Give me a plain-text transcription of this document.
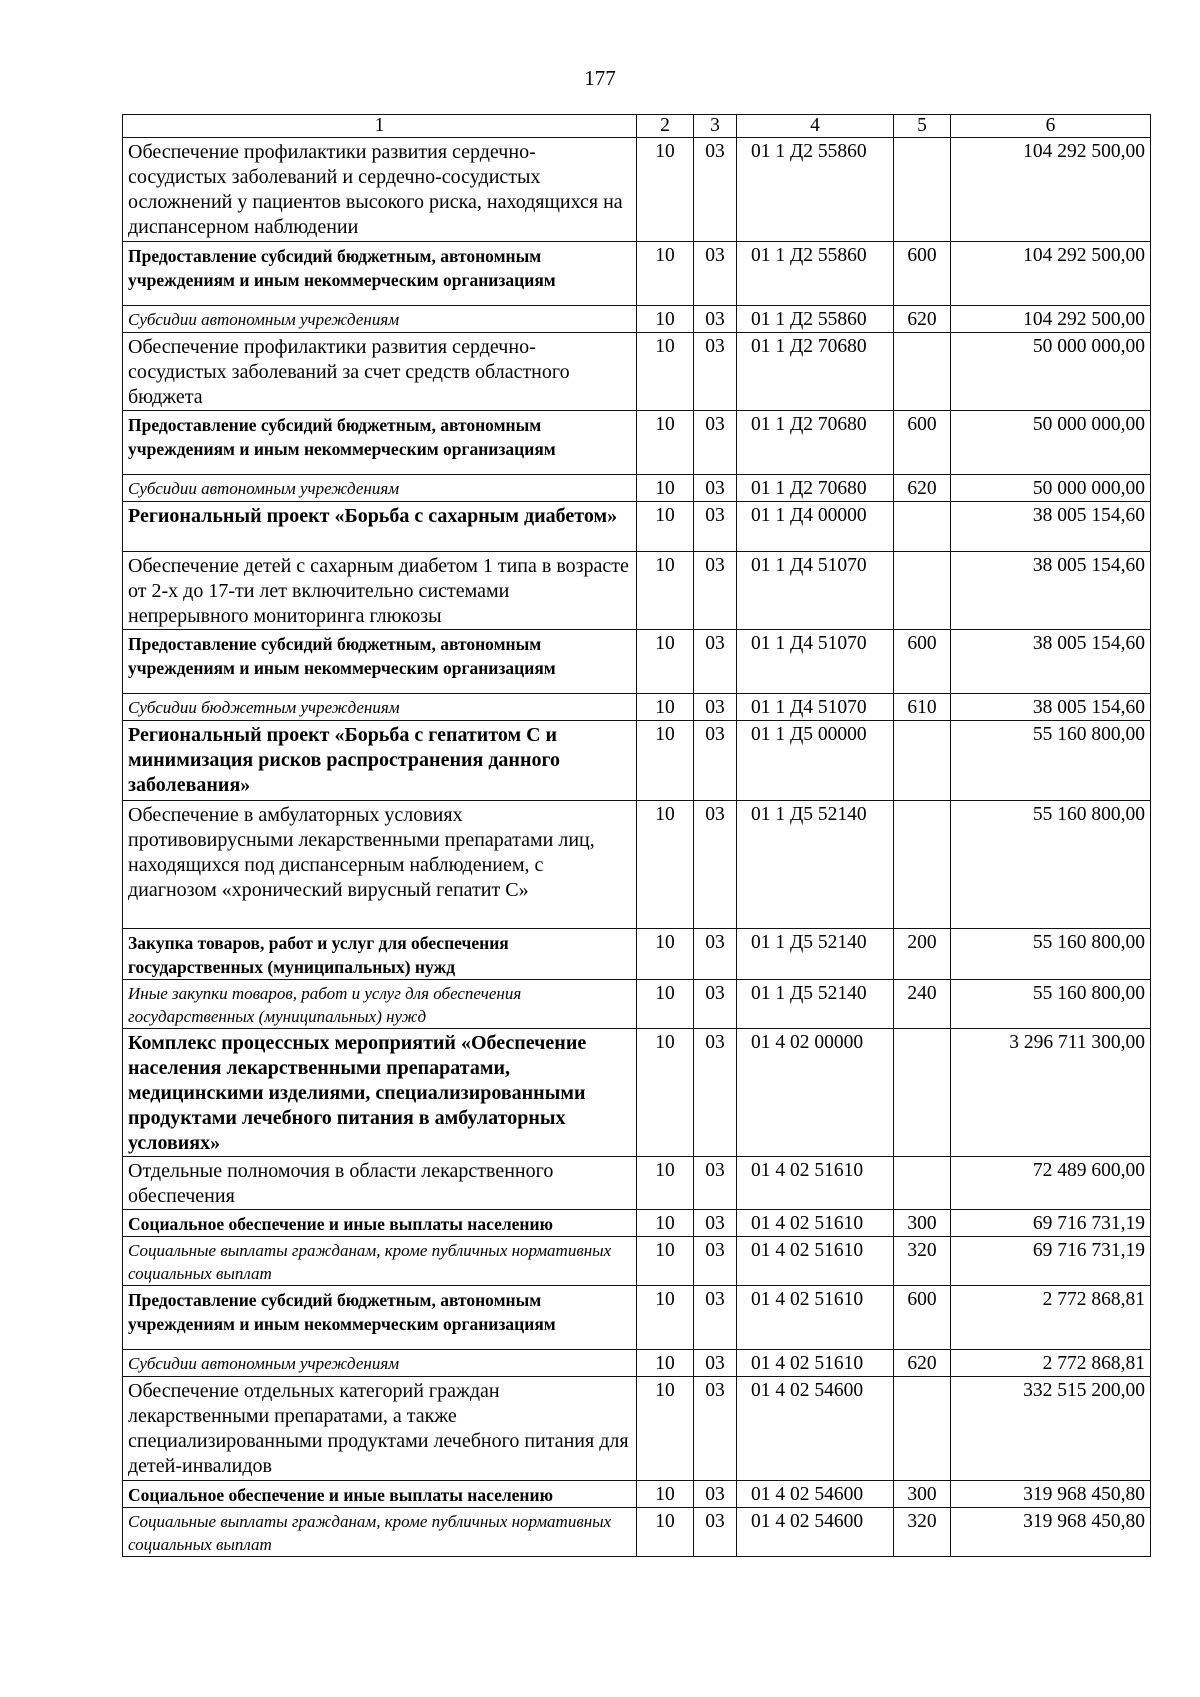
177
1	2	3	4	5	6
Обеспечение профилактики развития сердечно-сосудистых заболеваний и сердечно-сосудистых осложнений у пациентов высокого риска, находящихся на диспансерном наблюдении	10	03	01 1 Д2 55860		104 292 500,00
Предоставление субсидий бюджетным, автономным учреждениям и иным некоммерческим организациям	10	03	01 1 Д2 55860	600	104 292 500,00
Субсидии автономным учреждениям	10	03	01 1 Д2 55860	620	104 292 500,00
Обеспечение профилактики развития сердечно-сосудистых заболеваний за счет средств областного бюджета	10	03	01 1 Д2 70680		50 000 000,00
Предоставление субсидий бюджетным, автономным учреждениям и иным некоммерческим организациям	10	03	01 1 Д2 70680	600	50 000 000,00
Субсидии автономным учреждениям	10	03	01 1 Д2 70680	620	50 000 000,00
Региональный проект «Борьба с сахарным диабетом»	10	03	01 1 Д4 00000		38 005 154,60
Обеспечение детей с сахарным диабетом 1 типа в возрасте от 2-х до 17-ти лет включительно системами непрерывного мониторинга глюкозы	10	03	01 1 Д4 51070		38 005 154,60
Предоставление субсидий бюджетным, автономным учреждениям и иным некоммерческим организациям	10	03	01 1 Д4 51070	600	38 005 154,60
Субсидии бюджетным учреждениям	10	03	01 1 Д4 51070	610	38 005 154,60
Региональный проект «Борьба с гепатитом С и минимизация рисков распространения данного заболевания»	10	03	01 1 Д5 00000		55 160 800,00
Обеспечение в амбулаторных условиях противовирусными лекарственными препаратами лиц, находящихся под диспансерным наблюдением, с диагнозом «хронический вирусный гепатит С»	10	03	01 1 Д5 52140		55 160 800,00
Закупка товаров, работ и услуг для обеспечения государственных (муниципальных) нужд	10	03	01 1 Д5 52140	200	55 160 800,00
Иные закупки товаров, работ и услуг для обеспечения государственных (муниципальных) нужд	10	03	01 1 Д5 52140	240	55 160 800,00
Комплекс процессных мероприятий «Обеспечение населения лекарственными препаратами, медицинскими изделиями, специализированными продуктами лечебного питания в амбулаторных условиях»	10	03	01 4 02 00000		3 296 711 300,00
Отдельные полномочия в области лекарственного обеспечения	10	03	01 4 02 51610		72 489 600,00
Социальное обеспечение и иные выплаты населению	10	03	01 4 02 51610	300	69 716 731,19
Социальные выплаты гражданам, кроме публичных нормативных социальных выплат	10	03	01 4 02 51610	320	69 716 731,19
Предоставление субсидий бюджетным, автономным учреждениям и иным некоммерческим организациям	10	03	01 4 02 51610	600	2 772 868,81
Субсидии автономным учреждениям	10	03	01 4 02 51610	620	2 772 868,81
Обеспечение отдельных категорий граждан лекарственными препаратами, а также специализированными продуктами лечебного питания для детей-инвалидов	10	03	01 4 02 54600		332 515 200,00
Социальное обеспечение и иные выплаты населению	10	03	01 4 02 54600	300	319 968 450,80
Социальные выплаты гражданам, кроме публичных нормативных социальных выплат	10	03	01 4 02 54600	320	319 968 450,80
